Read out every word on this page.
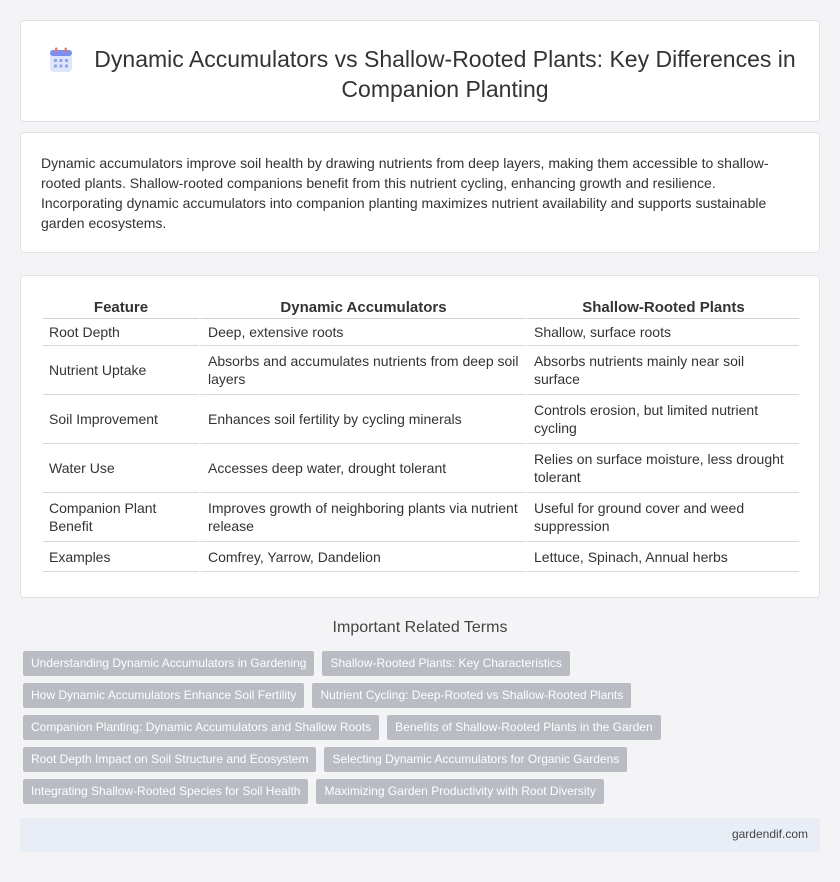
Dynamic Accumulators vs Shallow-Rooted Plants: Key Differences in Companion Planting

Dynamic accumulators improve soil health by drawing nutrients from deep layers, making them accessible to shallow-rooted plants. Shallow-rooted companions benefit from this nutrient cycling, enhancing growth and resilience. Incorporating dynamic accumulators into companion planting maximizes nutrient availability and supports sustainable garden ecosystems.

Feature	Dynamic Accumulators	Shallow-Rooted Plants
Root Depth	Deep, extensive roots	Shallow, surface roots
Nutrient Uptake	Absorbs and accumulates nutrients from deep soil layers	Absorbs nutrients mainly near soil surface
Soil Improvement	Enhances soil fertility by cycling minerals	Controls erosion, but limited nutrient cycling
Water Use	Accesses deep water, drought tolerant	Relies on surface moisture, less drought tolerant
Companion Plant Benefit	Improves growth of neighboring plants via nutrient release	Useful for ground cover and weed suppression
Examples	Comfrey, Yarrow, Dandelion	Lettuce, Spinach, Annual herbs
Important Related Terms
Understanding Dynamic Accumulators in Gardening	Shallow-Rooted Plants: Key Characteristics
How Dynamic Accumulators Enhance Soil Fertility	Nutrient Cycling: Deep-Rooted vs Shallow-Rooted Plants
Companion Planting: Dynamic Accumulators and Shallow Roots	Benefits of Shallow-Rooted Plants in the Garden
Root Depth Impact on Soil Structure and Ecosystem	Selecting Dynamic Accumulators for Organic Gardens
Integrating Shallow-Rooted Species for Soil Health	Maximizing Garden Productivity with Root Diversity
gardendif.com
